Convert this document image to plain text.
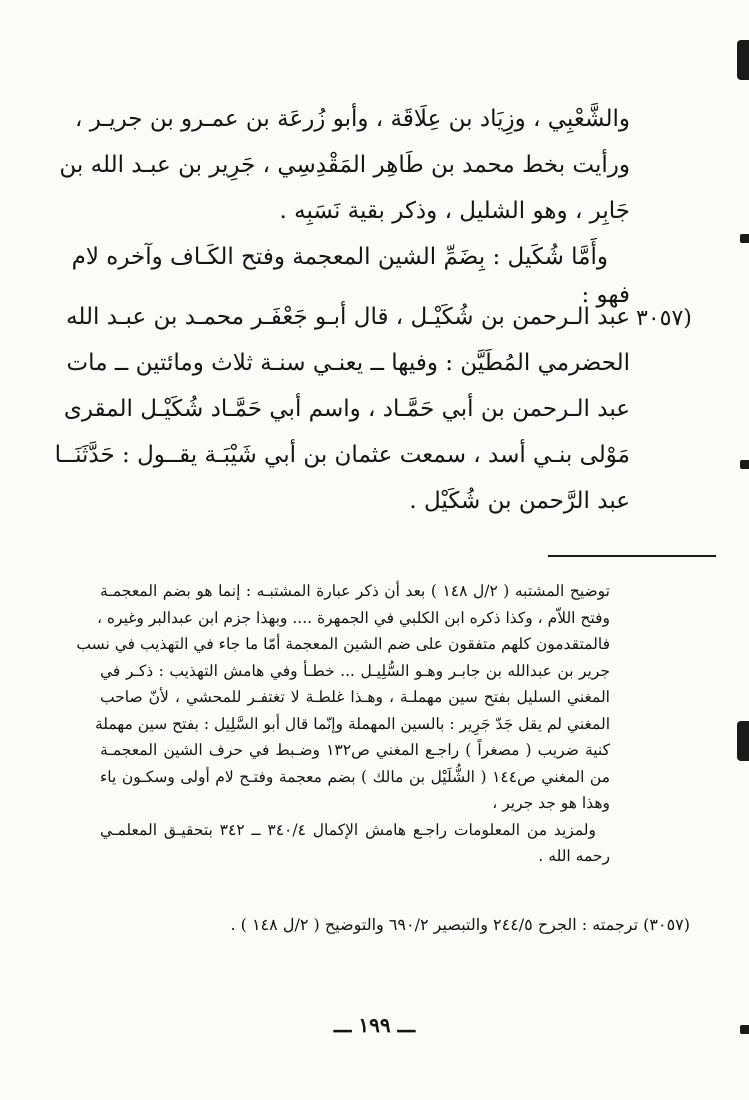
والشَّعْبِي ، وزِيَاد بن عِلَاقَة ، وأبو زُرعَة بن عمـرو بن جريـر ،
ورأيت بخط محمد بن طَاهِر المَقْدِسِي ، جَرِير بن عبـد الله بن
جَابِر ، وهو الشليل ، وذكر بقية نَسَبِه .
وأَمَّا شُكَيل : بِضَمِّ الشين المعجمة وفتح الكَـاف وآخره لام
فهو :
(٣٠٥٧
عبد الـرحمن بن شُكَيْـل ، قال أبـو جَعْفَـر محمـد بن عبـد الله
الحضرمي المُطَيَّن : وفيها ــ يعنـي سنـة ثلاث ومائتين ــ مات
عبد الـرحمن بن أبي حَمَّـاد ، واسم أبي حَمَّـاد شُكَيْـل المقرى
مَوْلى بنـي أسد ، سمعت عثمان بن أبي شَيْبَـة يقــول : حَدَّثَنَــا
عبد الرَّحمن بن شُكَيْل .
توضيح المشتبه ( ٢/ل ١٤٨ ) بعد أن ذكر عبارة المشتبـه : إنما هو بضم المعجمـة
وفتح اللاّم ، وكذا ذكره ابن الكلبي في الجمهرة .... وبهذا جزم ابن عبدالبر وغيره ،
فالمتقدمون كلهم متفقون على ضم الشين المعجمة أمّا ما جاء في التهذيب في نسب
جرير بن عبدالله بن جابـر وهـو السُّلِيـل ... خطـأ وفي هامش التهذيب : ذكـر في
المغني السليل بفتح سين مهملـة ، وهـذا غلطـة لا تغتفـر للمحشي ، لأنّ صاحب
المغني لم يقل جَدّ جَرِير : بالسين المهملة وإنّما قال أبو السَّلِيل : بفتح سين مهملة
كنية ضريب ( مصغراً ) راجـع المغني ص١٣٢ وضـبط في حرف الشين المعجمـة
من المغني ص١٤٤ ( الشُّلَيْل بن مالك ) بضم معجمة وفتـح لام أولى وسكـون ياء
وهذا هو جد جرير ،
ولمزيد من المعلومات راجـع هامش الإكمال ٣٤٠/٤ ــ ٣٤٢ بتحقيـق المعلمـي
رحمه الله .
(٣٠٥٧) ترجمته : الجرح ٢٤٤/٥ والتبصير ٦٩٠/٢ والتوضيح ( ٢/ل ١٤٨ ) .
ـــ ١٩٩ ـــ
